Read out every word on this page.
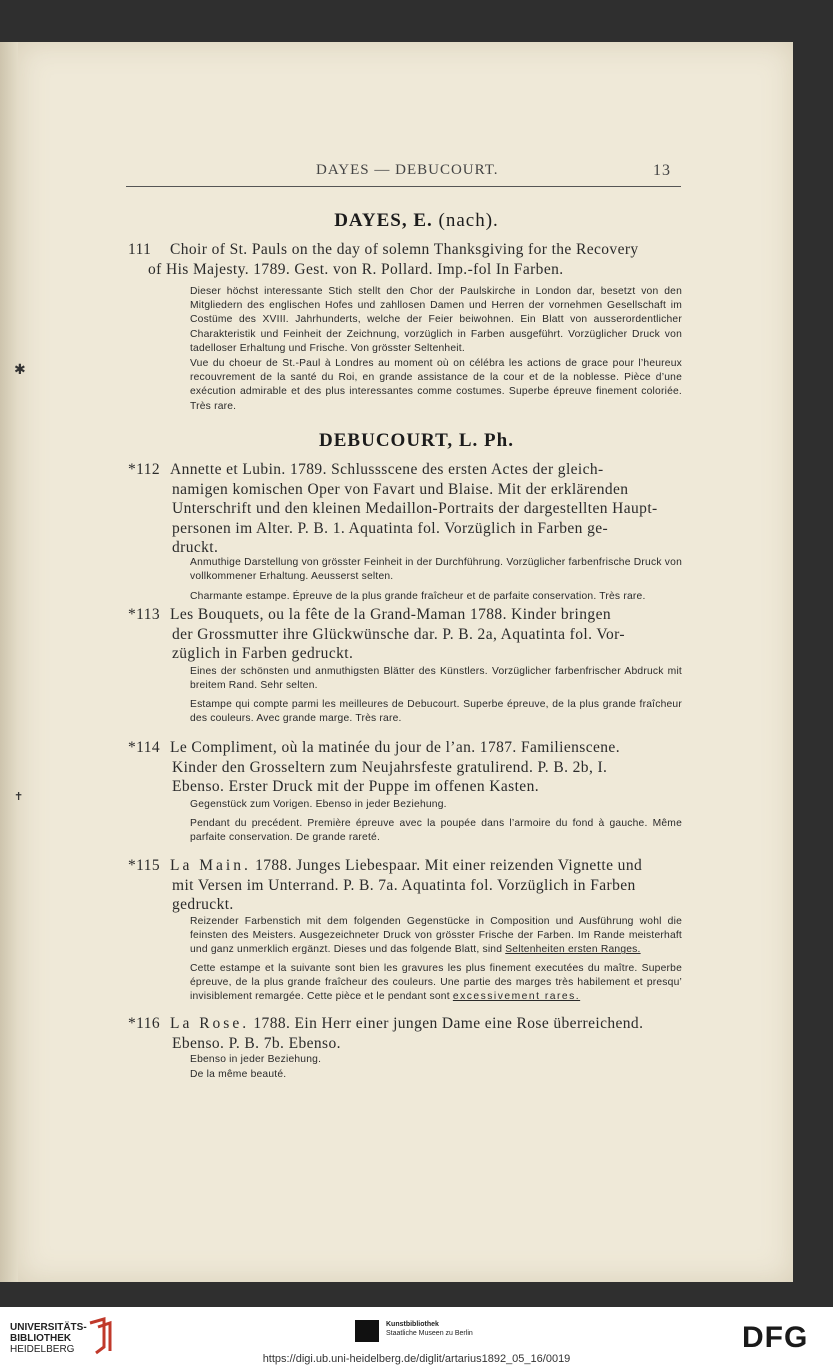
DAYES — DEBUCOURT.	13
DAYES, E. (nach).
111 Choir of St. Pauls on the day of solemn Thanksgiving for the Recovery
of His Majesty. 1789. Gest. von R. Pollard. Imp.-fol In Farben.
Dieser höchst interessante Stich stellt den Chor der Paulskirche in London dar, besetzt von den Mitgliedern des englischen Hofes und zahllosen Damen und Herren der vornehmen Gesellschaft im Costüme des XVIII. Jahrhunderts, welche der Feier beiwohnen. Ein Blatt von ausserordentlicher Charakteristik und Feinheit der Zeichnung, vorzüglich in Farben ausgeführt. Vorzüglicher Druck von tadelloser Erhaltung und Frische. Von grösster Seltenheit.
Vue du choeur de St.-Paul à Londres au moment où on célébra les actions de grace pour l’heureux recouvrement de la santé du Roi, en grande assistance de la cour et de la noblesse. Pièce d’une exécution admirable et des plus interessantes comme costumes. Superbe épreuve finement coloriée. Très rare.
✱
DEBUCOURT, L. Ph.
*112 Annette et Lubin. 1789. Schlussscene des ersten Actes der gleich-
namigen komischen Oper von Favart und Blaise. Mit der erklärenden
Unterschrift und den kleinen Medaillon-Portraits der dargestellten Haupt-
personen im Alter. P. B. 1. Aquatinta fol. Vorzüglich in Farben ge-
druckt.
Anmuthige Darstellung von grösster Feinheit in der Durchführung. Vorzüglicher farbenfrische Druck von vollkommener Erhaltung. Aeusserst selten.
Charmante estampe. Épreuve de la plus grande fraîcheur et de parfaite conservation. Très rare.
*113 Les Bouquets, ou la fête de la Grand-Maman 1788. Kinder bringen
der Grossmutter ihre Glückwünsche dar. P. B. 2a, Aquatinta fol. Vor-
züglich in Farben gedruckt.
Eines der schönsten und anmuthigsten Blätter des Künstlers. Vorzüglicher farbenfrischer Abdruck mit breitem Rand. Sehr selten.
Estampe qui compte parmi les meilleures de Debucourt. Superbe épreuve, de la plus grande fraîcheur des couleurs. Avec grande marge. Très rare.
*114 Le Compliment, où la matinée du jour de l’an. 1787. Familienscene.
Kinder den Grosseltern zum Neujahrsfeste gratulirend. P. B. 2b, I.
Ebenso. Erster Druck mit der Puppe im offenen Kasten.
Gegenstück zum Vorigen. Ebenso in jeder Beziehung.
Pendant du precédent. Première épreuve avec la poupée dans l’armoire du fond à gauche. Même parfaite conservation. De grande rareté.
✝
*115 La Main. 1788. Junges Liebespaar. Mit einer reizenden Vignette und
mit Versen im Unterrand. P. B. 7a. Aquatinta fol. Vorzüglich in Farben
gedruckt.
Reizender Farbenstich mit dem folgenden Gegenstücke in Composition und Ausführung wohl die feinsten des Meisters. Ausgezeichneter Druck von grösster Frische der Farben. Im Rande meisterhaft und ganz unmerklich ergänzt. Dieses und das folgende Blatt, sind Seltenheiten ersten Ranges.
Cette estampe et la suivante sont bien les gravures les plus finement executées du maître. Superbe épreuve, de la plus grande fraîcheur des couleurs. Une partie des marges très habilement et presqu’ invisiblement remargée. Cette pièce et le pendant sont excessivement rares.
*116 La Rose. 1788. Ein Herr einer jungen Dame eine Rose überreichend.
Ebenso. P. B. 7b. Ebenso.
Ebenso in jeder Beziehung.
De la même beauté.
UNIVERSITÄTS-
BIBLIOTHEK
HEIDELBERG
Kunstbibliothek
Staatliche Museen zu Berlin	DFG
https://digi.ub.uni-heidelberg.de/diglit/artarius1892_05_16/0019
